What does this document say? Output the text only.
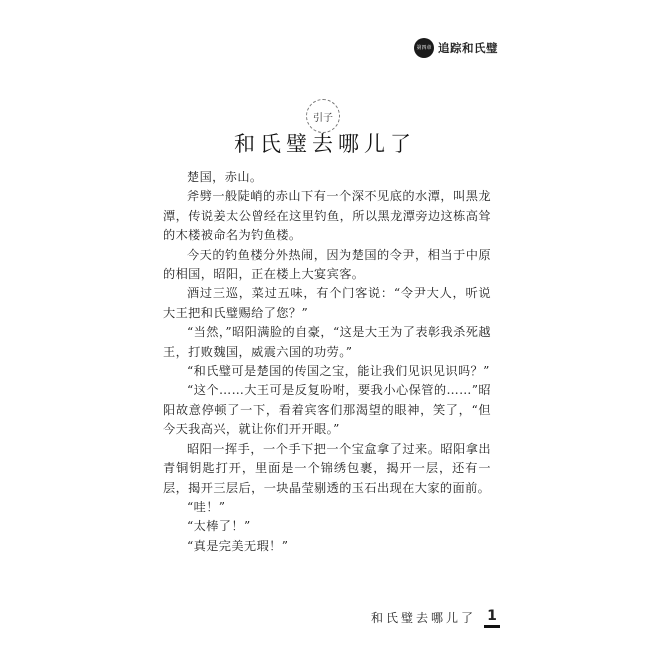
第四章 追踪和氏璧
引子
和氏璧去哪儿了

楚国，赤山。

斧劈一般陡峭的赤山下有一个深不见底的水潭，叫黑龙潭，传说姜太公曾经在这里钓鱼，所以黑龙潭旁边这栋高耸的木楼被命名为钓鱼楼。

今天的钓鱼楼分外热闹，因为楚国的令尹，相当于中原的相国，昭阳，正在楼上大宴宾客。

酒过三巡，菜过五味，有个门客说：“令尹大人，听说大王把和氏璧赐给了您？”

“当然，”昭阳满脸的自豪，“这是大王为了表彰我杀死越王，打败魏国，威震六国的功劳。”

“和氏璧可是楚国的传国之宝，能让我们见识见识吗？”

“这个……大王可是反复吩咐，要我小心保管的……”昭阳故意停顿了一下，看着宾客们那渴望的眼神，笑了，“但今天我高兴，就让你们开开眼。”

昭阳一挥手，一个手下把一个宝盒拿了过来。昭阳拿出青铜钥匙打开，里面是一个锦绣包裹，揭开一层，还有一层，揭开三层后，一块晶莹剔透的玉石出现在大家的面前。

“哇！”

“太棒了！”

“真是完美无瑕！”

和氏璧去哪儿了 1
